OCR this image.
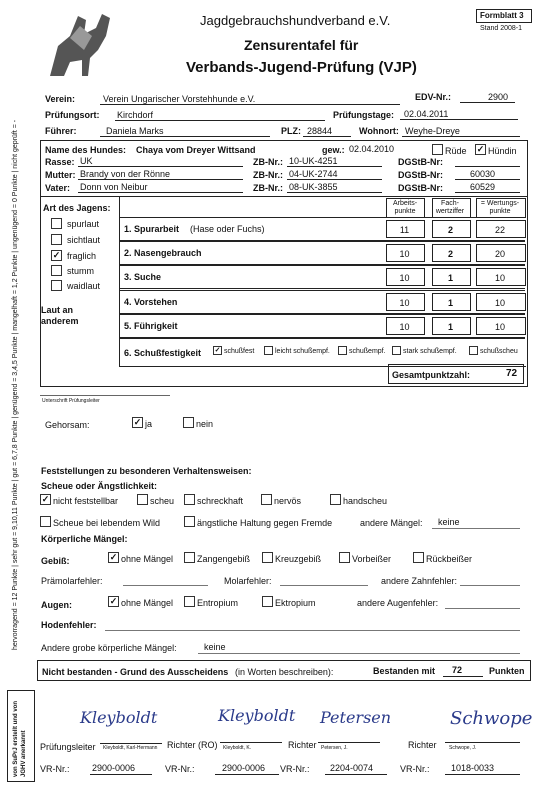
Jagdgebrauchshundverband e.V.
Zensurentafel für
Verbands-Jugend-Prüfung (VJP)
Formblatt 3
Stand 2008-1
Verein:	Verein Ungarischer Vorstehhunde e.V.	EDV-Nr.:	2900
Prüfungsort: Kirchdorf	Prüfungstage: 02.04.2011
Führer:	Daniela Marks	PLZ: 28844	Wohnort: Weyhe-Dreye
Name des Hundes: Chaya vom Dreyer Wittsand	gew.: 02.04.2010	Rüde ✓ Hündin
Rasse: UK	ZB-Nr.: 10-UK-4251	DGStB-Nr:
Mutter: Brandy von der Rönne	ZB-Nr.: 04-UK-2744	DGStB-Nr:	60030
Vater: Donn von Neibur	ZB-Nr.: 08-UK-3855	DGStB-Nr:	60529
Art des Jagens:
spurlaut
sichtlaut
✓ fraglich
stumm
waidlaut
Laut an anderem
Arbeits-punkte
Fach-wertziffer
= Wertungs-punkte
1. Spurarbeit (Hase oder Fuchs)	11	2	22
2. Nasengebrauch	10	2	20
3. Suche	10	1	10
4. Vorstehen	10	1	10
5. Führigkeit	10	1	10
6. Schußfestigkeit ✓ schußfest	leicht schußempf.	schußempf. stark schußempf.	schußscheu
Gesamtpunktzahl:	72
Unterschrift Prüfungsleiter
Gehorsam:	✓ ja	nein
Feststellungen zu besonderen Verhaltensweisen:
Scheue oder Ängstlichkeit:
✓ nicht feststellbar	scheu	schreckhaft	nervös	handscheu
Scheue bei lebendem Wild	ängstliche Haltung gegen Fremde	andere Mängel: keine
Körperliche Mängel:
Gebiß:	✓ ohne Mängel	Zangengebiß	Kreuzgebiß	Vorbeißer	Rückbeißer
Prämolarfehler:	Molarfehler:	andere Zahnfehler:
Augen:	✓ ohne Mängel	Entropium	Ektropium	andere Augenfehler:
Hodenfehler:
Andere grobe körperliche Mängel:	keine
Nicht bestanden - Grund des Ausscheidens (in Worten beschreiben):	Bestanden mit 72	Punkten
Kleyboldt	Kleyboldt Petersen	Schwope
Prüfungsleiter Kleyboldt, Karl-Hermann	Richter (RO) Kleyboldt, K.	Richter Petersen, J.	Richter Schwope, J.
VR-Nr.: 2900-0006	VR-Nr.:	2900-0006 VR-Nr.: 2204-0074	VR-Nr.: 1018-0033
hervorragend = 12 Punkte | sehr gut = 9,10,11 Punkte | gut = 6,7,8 Punkte | genügend = 3,4,5 Punkte | mangelhaft = 1,2 Punkte | ungenügend = 0 Punkte | nicht geprüft = -
von SuPrJ erstellt und von JGHV anerkannt
